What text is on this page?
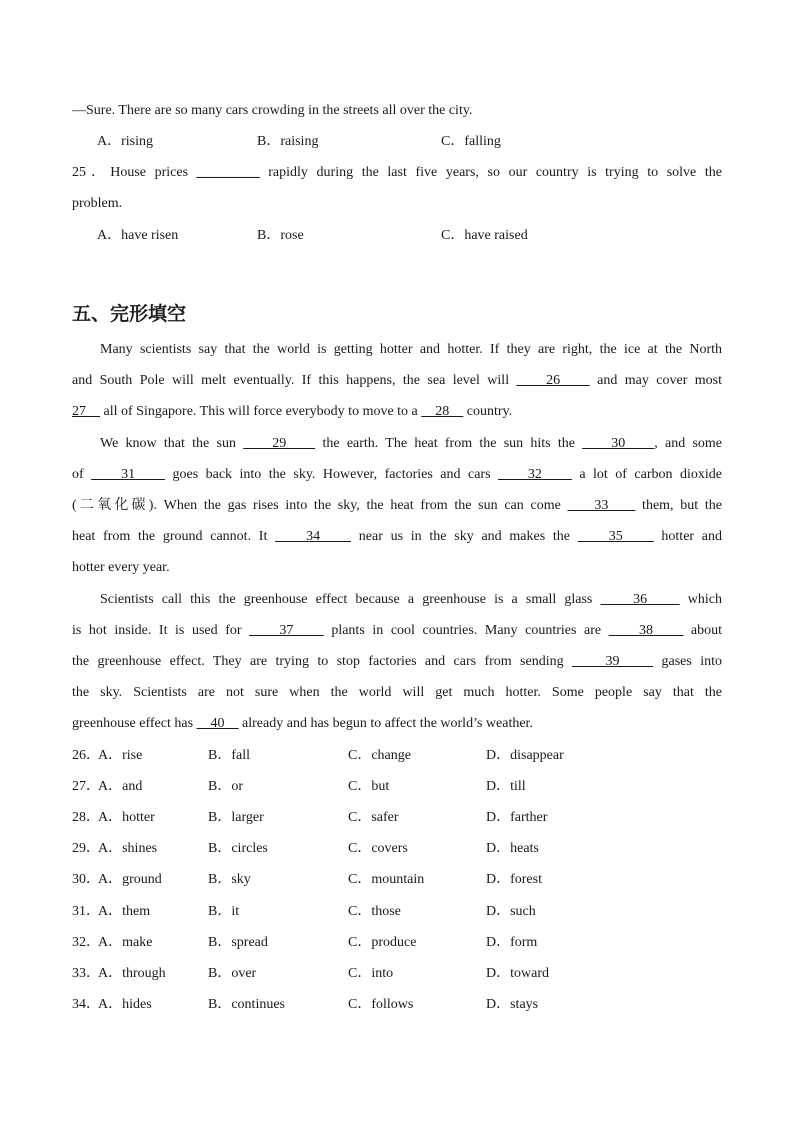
—Sure. There are so many cars crowding in the streets all over the city.
A．rising	B．raising	C．falling
25．House prices _________ rapidly during the last five years, so our country is trying to solve the
problem.
A．have risen	B．rose	C．have raised
五、完形填空
Many scientists say that the world is getting hotter and hotter. If they are right, the ice at the North
and South Pole will melt eventually. If this happens, the sea level will     26     and may cover most
27     all of Singapore. This will force everybody to move to a     28     country.
We know that the sun     29     the earth. The heat from the sun hits the     30    , and some
of     31     goes back into the sky. However, factories and cars     32     a lot of carbon dioxide
(二氧化碳). When the gas rises into the sky, the heat from the sun can come     33     them, but the
heat from the ground cannot. It     34     near us in the sky and makes the     35     hotter and
hotter every year.
Scientists call this the greenhouse effect because a greenhouse is a small glass     36     which
is hot inside. It is used for     37     plants in cool countries. Many countries are     38     about
the greenhouse effect. They are trying to stop factories and cars from sending     39     gases into
the sky. Scientists are not sure when the world will get much hotter. Some people say that the
greenhouse effect has     40     already and has begun to affect the world’s weather.
26．
A．rise	B．fall	C．change	D．disappear
27．
A．and	B．or	C．but	D．till
28．
A．hotter	B．larger	C．safer	D．farther
29．
A．shines	B．circles	C．covers	D．heats
30．
A．ground	B．sky	C．mountain	D．forest
31．
A．them	B．it	C．those	D．such
32．
A．make	B．spread	C．produce	D．form
33．
A．through	B．over	C．into	D．toward
34．
A．hides	B．continues	C．follows	D．stays
